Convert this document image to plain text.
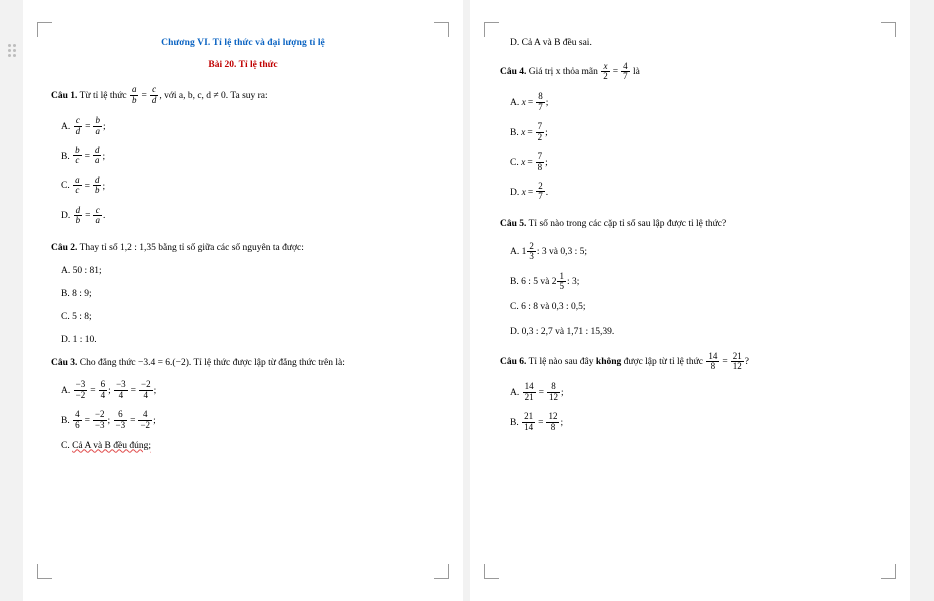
Chương VI. Tỉ lệ thức và đại lượng tỉ lệ
Bài 20. Tỉ lệ thức

Câu 1. Từ tỉ lệ thức $\frac{a}{b} = \frac{c}{d}$ , với a, b, c, d ≠ 0. Ta suy ra:

A. $\frac{c}{d} = \frac{b}{a}$ ;

B. $\frac{b}{c} = \frac{d}{a}$ ;

C. $\frac{a}{c} = \frac{d}{b}$ ;

D. $\frac{d}{b} = \frac{c}{a}$ .

Câu 2. Thay tỉ số 1,2 : 1,35 bằng tỉ số giữa các số nguyên ta được:

A. 50 : 81;

B. 8 : 9;

C. 5 : 8;

D. 1 : 10.

Câu 3. Cho đẳng thức −3.4 = 6.(−2). Tỉ lệ thức được lập từ đẳng thức trên là:

A. $\frac{-3}{-2} = \frac{6}{4}$ ; $\frac{-3}{4} = \frac{-2}{4}$ ;

B. $\frac{4}{6} = \frac{-2}{-3}$ ; $\frac{6}{-3} = \frac{4}{-2}$ ;

C. Cả A và B đều đúng;

D. Cả A và B đều sai.

Câu 4. Giá trị x thỏa mãn $\frac{x}{2} = \frac{4}{7}$ là

A. $x = \frac{8}{7}$ ;

B. $x = \frac{7}{2}$ ;

C. $x = \frac{7}{8}$ ;

D. $x = \frac{2}{7}$ .

Câu 5. Tỉ số nào trong các cặp tỉ số sau lập được tỉ lệ thức?

A. $1 \frac{2}{3}$ : 3 và 0,3 : 5;

B. 6 : 5 và $2 \frac{1}{5}$ : 3;

C. 6 : 8 và 0,3 : 0,5;

D. 0,3 : 2,7 và 1,71 : 15,39.

Câu 6. Tỉ lệ nào sau đây không được lập từ tỉ lệ thức $\frac{14}{8} = \frac{21}{12}$ ?

A. $\frac{14}{21} = \frac{8}{12}$ ;

B. $\frac{21}{14} = \frac{12}{8}$ ;
